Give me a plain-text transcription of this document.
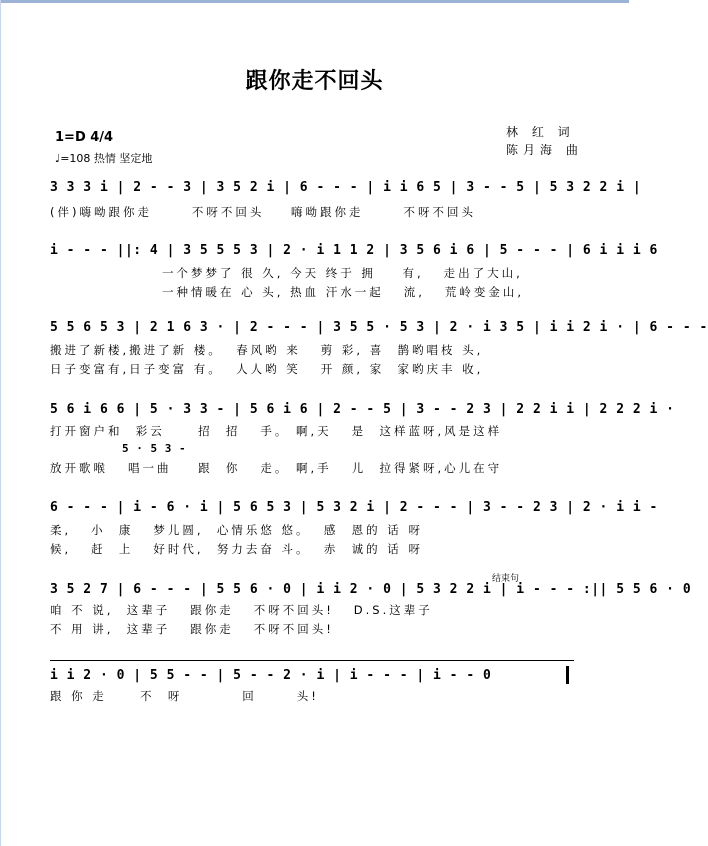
跟你走不回头
1=D 4/4
♩=108 热情 坚定地
林 红 词
陈月海 曲
3 3 3 i | 2 - - 3 | 3 5 2 i | 6 - - - | i i 6 5 | 3 - - 5 | 5 3 2 2 i |
(伴)嗨呦跟你走      不呀不回头    嗨呦跟你走      不呀不回头
i - - - ||: 4 | 3 5 5 5 3 | 2 · i 1 1 2 | 3 5 6 i 6 | 5 - - - | 6 i i i 6
一个梦梦了 很 久, 今天 终于 拥    有,   走出了大山,
一种情暖在 心 头, 热血 汗水一起   流,   荒岭变金山,
5 5 6 5 3 | 2 1 6 3 · | 2 - - - | 3 5 5 · 5 3 | 2 · i 3 5 | i i 2 i · | 6 - - -
搬进了新楼,搬进了新 楼。  春风哟 来   剪 彩, 喜  鹊哟唱枝 头,
日子变富有,日子变富 有。  人人哟 笑   开 颜, 家  家哟庆丰 收,
5 6 i 6 6 | 5 · 3 3 - | 5 6 i 6 | 2 - - 5 | 3 - - 2 3 | 2 2 i i | 2 2 2 i ·
打开窗户和  彩云     招  招   手。 啊,天   是  这样蓝呀,风是这样
5 · 5 3 -
放开歌喉   唱一曲    跟  你   走。 啊,手   儿  拉得紧呀,心儿在守
6 - - - | i - 6 · i | 5 6 5 3 | 5 3 2 i | 2 - - - | 3 - - 2 3 | 2 · i i -
柔,   小  康   梦儿圆,  心情乐悠 悠。  感  恩的 话 呀
候,   赶  上   好时代,  努力去奋 斗。  赤  诚的 话 呀
结束句
3 5 2 7 | 6 - - - | 5 5 6 · 0 | i i 2 · 0 | 5 3 2 2 i | i - - - :|| 5 5 6 · 0
咱 不 说,  这辈子   跟你走   不呀不回头!   D.S.这辈子
不 用 讲,  这辈子   跟你走   不呀不回头!
i i 2 · 0 | 5 5 - - | 5 - - 2 · i | i - - - | i - - 0
跟 你 走     不  呀         回      头!
